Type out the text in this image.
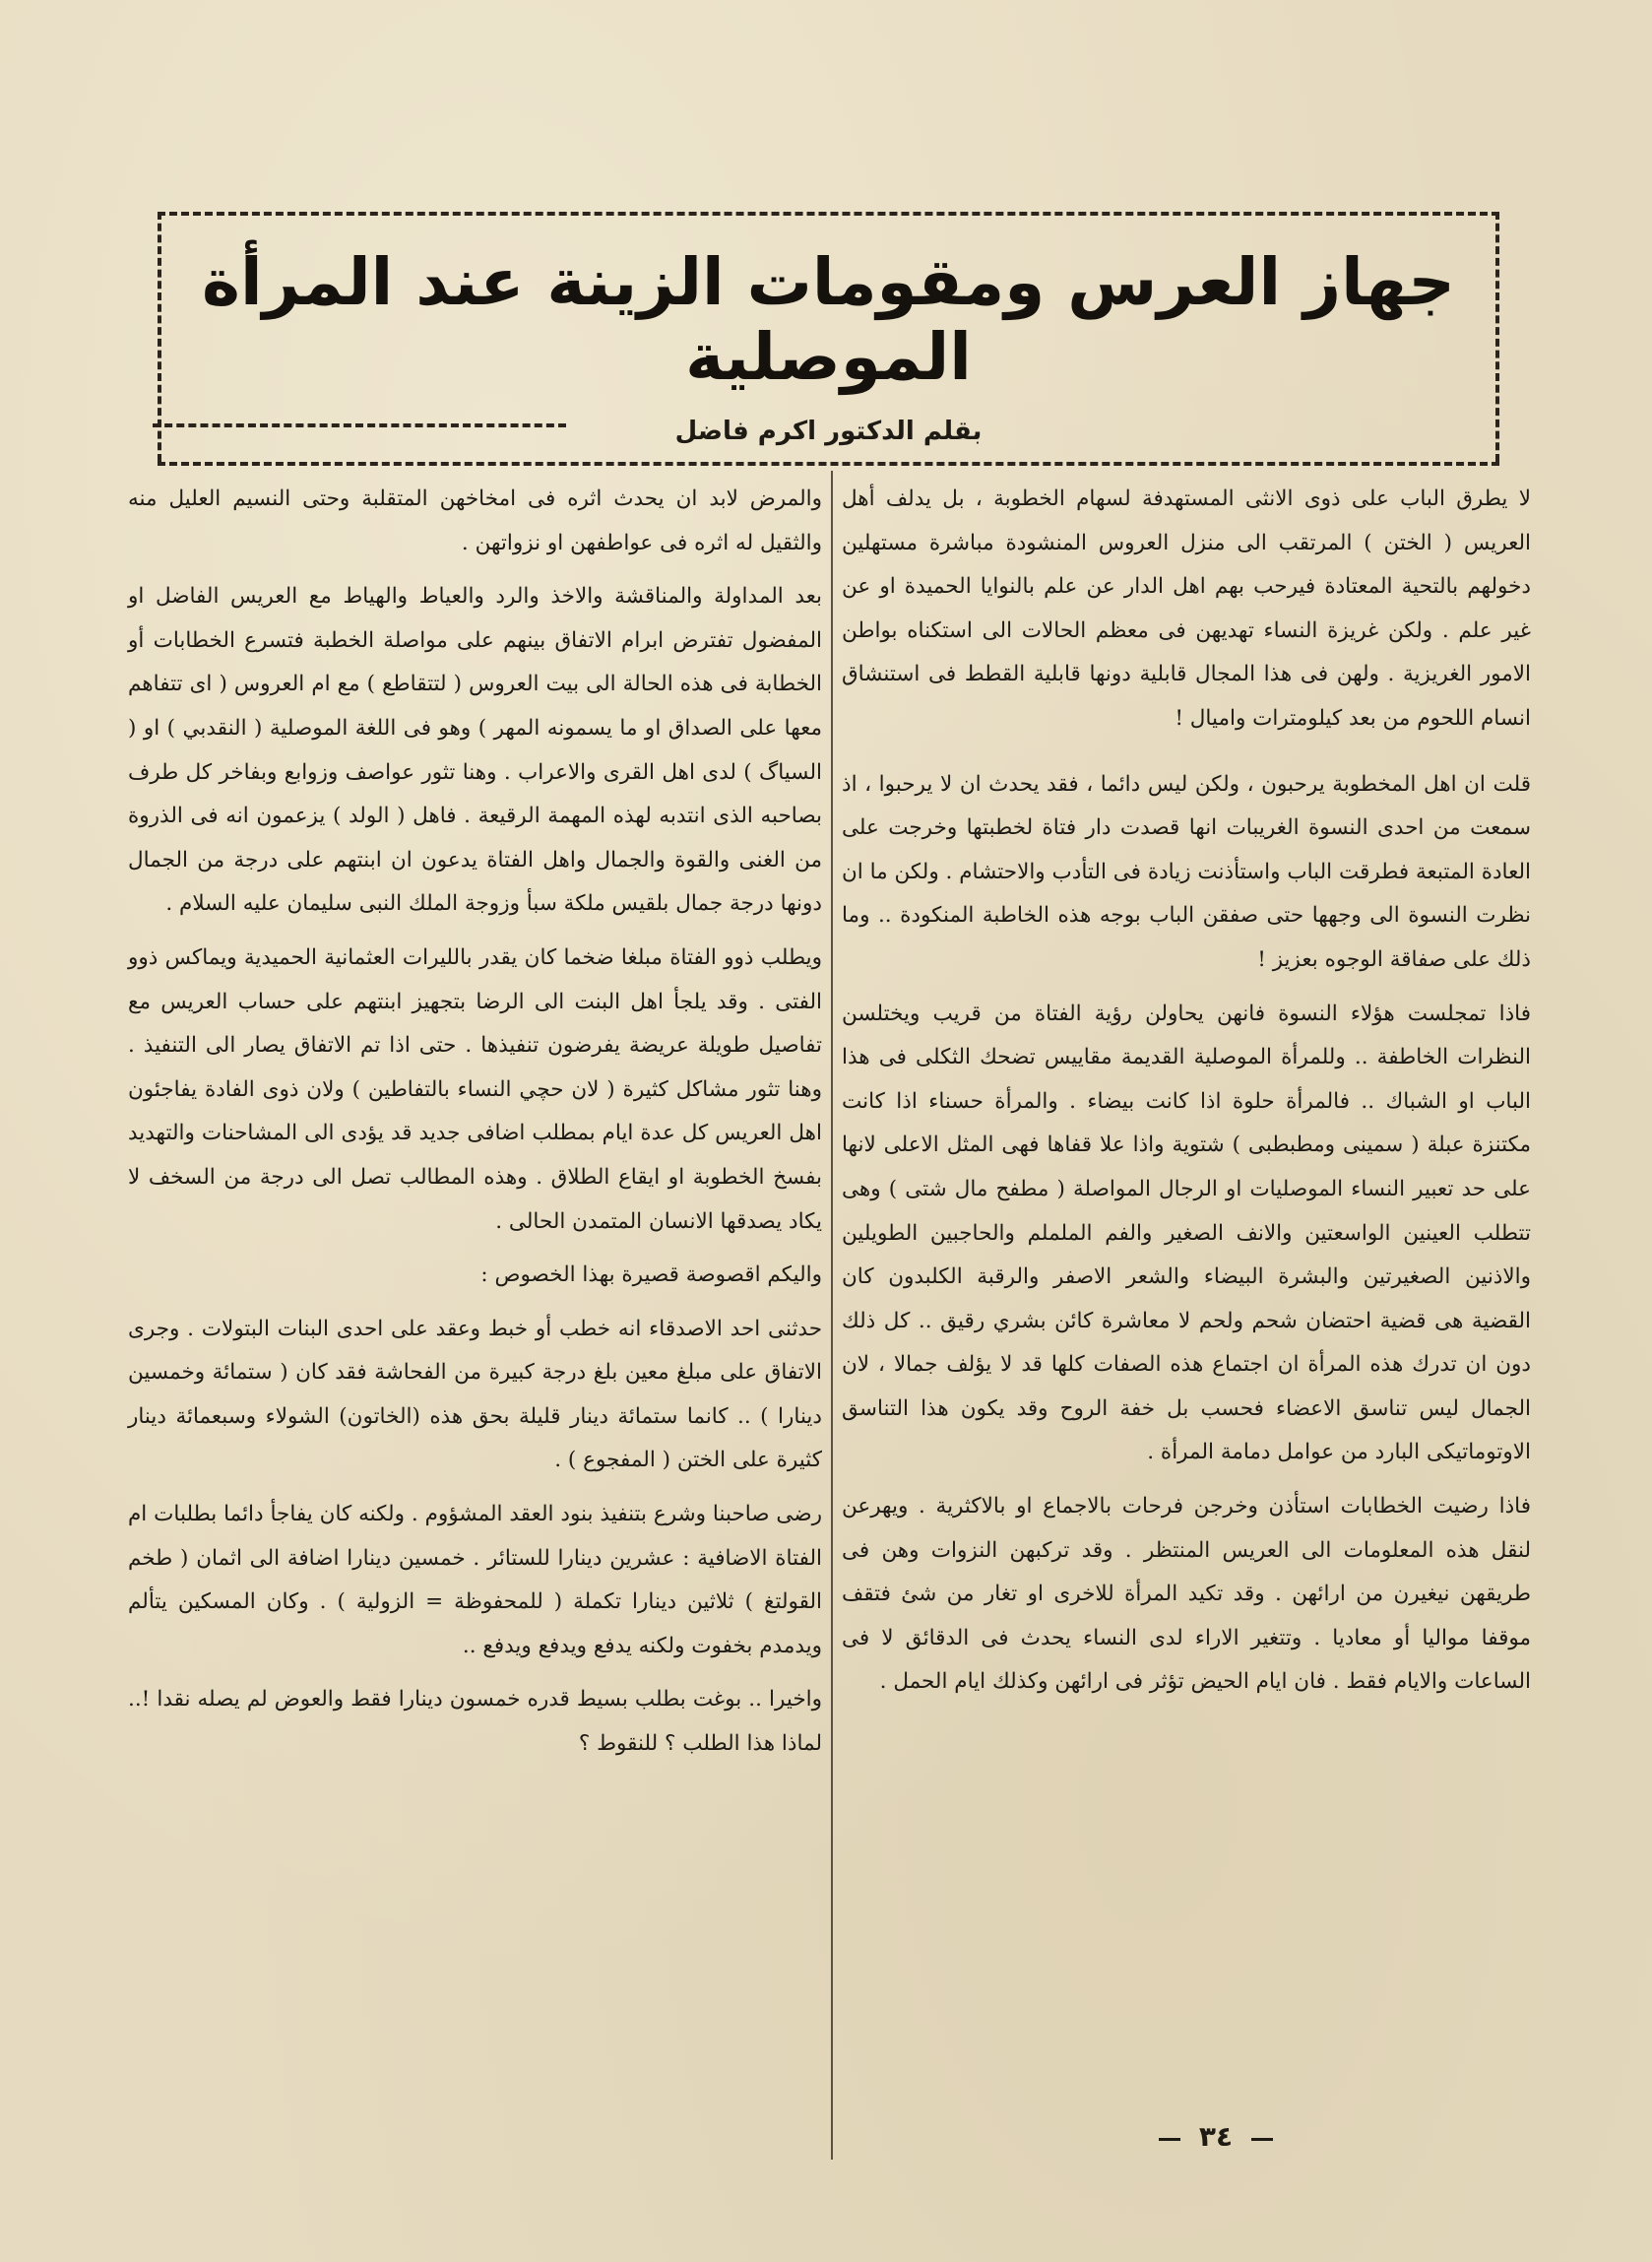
جهاز العرس ومقومات الزينة عند المرأة الموصلية
بقلم الدكتور اكرم فاضل

لا يطرق الباب على ذوى الانثى المستهدفة لسهام الخطوبة ، بل يدلف أهل العريس ( الختن ) المرتقب الى منزل العروس المنشودة مباشرة مستهلين دخولهم بالتحية المعتادة فيرحب بهم اهل الدار عن علم بالنوايا الحميدة او عن غير علم . ولكن غريزة النساء تهديهن فى معظم الحالات الى استكناه بواطن الامور الغريزية . ولهن فى هذا المجال قابلية دونها قابلية القطط فى استنشاق انسام اللحوم من بعد كيلومترات واميال !

قلت ان اهل المخطوبة يرحبون ، ولكن ليس دائما ، فقد يحدث ان لا يرحبوا ، اذ سمعت من احدى النسوة الغريبات انها قصدت دار فتاة لخطبتها وخرجت على العادة المتبعة فطرقت الباب واستأذنت زيادة فى التأدب والاحتشام . ولكن ما ان نظرت النسوة الى وجهها حتى صفقن الباب بوجه هذه الخاطبة المنكودة .. وما ذلك على صفاقة الوجوه بعزيز !

فاذا تمجلست هؤلاء النسوة فانهن يحاولن رؤية الفتاة من قريب ويختلسن النظرات الخاطفة .. وللمرأة الموصلية القديمة مقاييس تضحك الثكلى فى هذا الباب او الشباك .. فالمرأة حلوة اذا كانت بيضاء . والمرأة حسناء اذا كانت مكتنزة عبلة ( سمينى ومطبطبى ) شتوية واذا علا قفاها فهى المثل الاعلى لانها على حد تعبير النساء الموصليات او الرجال المواصلة ( مطفح مال شتى ) وهى تتطلب العينين الواسعتين والانف الصغير والفم الململم والحاجبين الطويلين والاذنين الصغيرتين والبشرة البيضاء والشعر الاصفر والرقبة الكلبدون كان القضية هى قضية احتضان شحم ولحم لا معاشرة كائن بشري رقيق .. كل ذلك دون ان تدرك هذه المرأة ان اجتماع هذه الصفات كلها قد لا يؤلف جمالا ، لان الجمال ليس تناسق الاعضاء فحسب بل خفة الروح وقد يكون هذا التناسق الاوتوماتيكى البارد من عوامل دمامة المرأة .

فاذا رضيت الخطابات استأذن وخرجن فرحات بالاجماع او بالاكثرية . ويهرعن لنقل هذه المعلومات الى العريس المنتظر . وقد تركبهن النزوات وهن فى طريقهن نيغيرن من ارائهن . وقد تكيد المرأة للاخرى او تغار من شئ فتقف موقفا مواليا أو معاديا . وتتغير الاراء لدى النساء يحدث فى الدقائق لا فى الساعات والايام فقط . فان ايام الحيض تؤثر فى ارائهن وكذلك ايام الحمل .

والمرض لابد ان يحدث اثره فى امخاخهن المتقلبة وحتى النسيم العليل منه والثقيل له اثره فى عواطفهن او نزواتهن .

بعد المداولة والمناقشة والاخذ والرد والعياط والهياط مع العريس الفاضل او المفضول تفترض ابرام الاتفاق بينهم على مواصلة الخطبة فتسرع الخطابات أو الخطابة فى هذه الحالة الى بيت العروس ( لتتقاطع ) مع ام العروس ( اى تتفاهم معها على الصداق او ما يسمونه المهر ) وهو فى اللغة الموصلية ( النقدبي ) او ( السياگ ) لدى اهل القرى والاعراب . وهنا تثور عواصف وزوابع وبفاخر كل طرف بصاحبه الذى انتدبه لهذه المهمة الرقيعة . فاهل ( الولد ) يزعمون انه فى الذروة من الغنى والقوة والجمال واهل الفتاة يدعون ان ابنتهم على درجة من الجمال دونها درجة جمال بلقيس ملكة سبأ وزوجة الملك النبى سليمان عليه السلام .

ويطلب ذوو الفتاة مبلغا ضخما كان يقدر بالليرات العثمانية الحميدية ويماكس ذوو الفتى . وقد يلجأ اهل البنت الى الرضا بتجهيز ابنتهم على حساب العريس مع تفاصيل طويلة عريضة يفرضون تنفيذها . حتى اذا تم الاتفاق يصار الى التنفيذ . وهنا تثور مشاكل كثيرة ( لان حچي النساء بالتفاطين ) ولان ذوى الفادة يفاجئون اهل العريس كل عدة ايام بمطلب اضافى جديد قد يؤدى الى المشاحنات والتهديد بفسخ الخطوبة او ايقاع الطلاق . وهذه المطالب تصل الى درجة من السخف لا يكاد يصدقها الانسان المتمدن الحالى .

واليكم اقصوصة قصيرة بهذا الخصوص :

حدثنى احد الاصدقاء انه خطب أو خبط وعقد على احدى البنات البتولات . وجرى الاتفاق على مبلغ معين بلغ درجة كبيرة من الفحاشة فقد كان ( ستمائة وخمسين دينارا ) .. كانما ستمائة دينار قليلة بحق هذه (الخاتون) الشولاء وسبعمائة دينار كثيرة على الختن ( المفجوع ) .

رضى صاحبنا وشرع بتنفيذ بنود العقد المشؤوم . ولكنه كان يفاجأ دائما بطلبات ام الفتاة الاضافية : عشرين دينارا للستائر . خمسين دينارا اضافة الى اثمان ( طخم القولتغ ) ثلاثين دينارا تكملة ( للمحفوظة = الزولية ) . وكان المسكين يتألم ويدمدم بخفوت ولكنه يدفع ويدفع ويدفع ..

واخيرا .. بوغت بطلب بسيط قدره خمسون دينارا فقط والعوض لم يصله نقدا !.. لماذا هذا الطلب ؟ للنقوط ؟

٣٤
